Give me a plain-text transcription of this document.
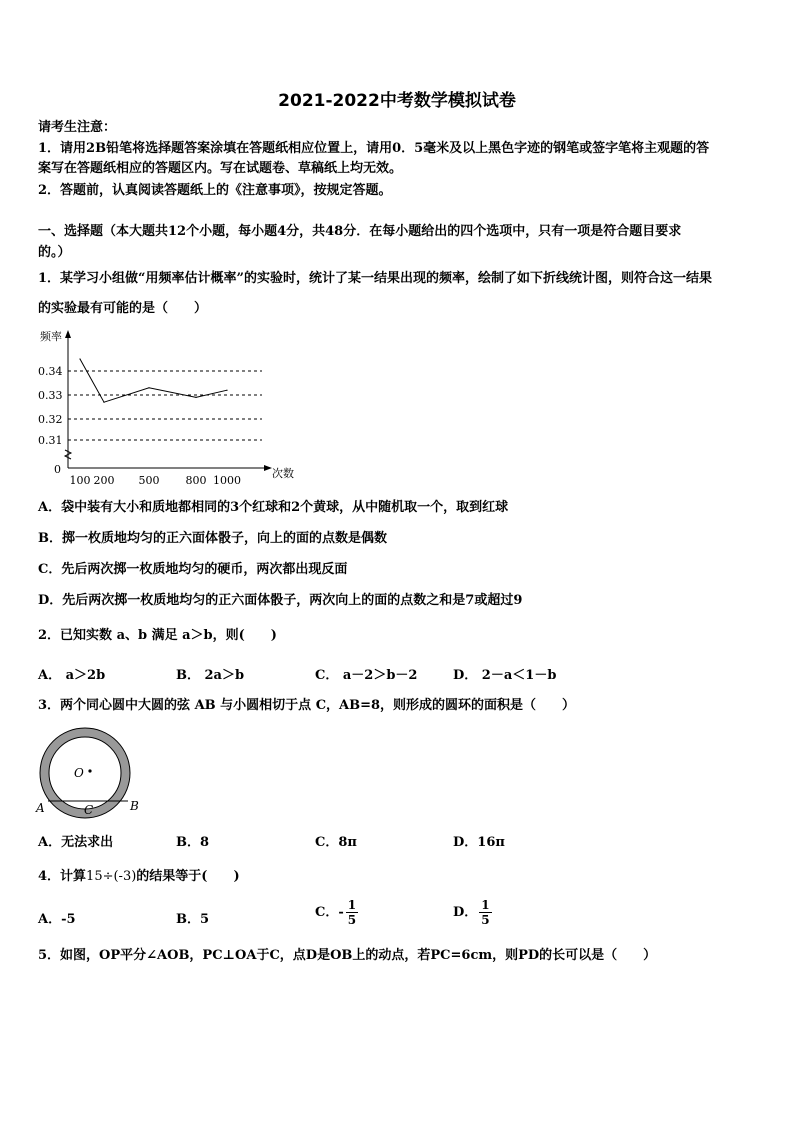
2021-2022中考数学模拟试卷
请考生注意：
1．请用2B铅笔将选择题答案涂填在答题纸相应位置上，请用0．5毫米及以上黑色字迹的钢笔或签字笔将主观题的答
案写在答题纸相应的答题区内。写在试题卷、草稿纸上均无效。
2．答题前，认真阅读答题纸上的《注意事项》，按规定答题。
一、选择题（本大题共12个小题，每小题4分，共48分．在每小题给出的四个选项中，只有一项是符合题目要求
的。）
1．某学习小组做“用频率估计概率”的实验时，统计了某一结果出现的频率，绘制了如下折线统计图，则符合这一结果
的实验最有可能的是（　　）
0.34
0.33
0.32
0.31
0
频率
100 200 500 800 1000
次数
A．袋中装有大小和质地都相同的3个红球和2个黄球，从中随机取一个，取到红球
B．掷一枚质地均匀的正六面体骰子，向上的面的点数是偶数
C．先后两次掷一枚质地均匀的硬币，两次都出现反面
D．先后两次掷一枚质地均匀的正六面体骰子，两次向上的面的点数之和是7或超过9
2．已知实数 a、b 满足 a＞b，则(　　)
A． a＞2b	B． 2a＞b	C． a－2＞b－2	D． 2－a＜1－b
3．两个同心圆中大圆的弦 AB 与小圆相切于点 C，AB=8，则形成的圆环的面积是（　　）
O
A	C	B
A．无法求出	B．8	C．8π	D．16π
4．计算15÷(-3)的结果等于(　　)
A．-5	B．5	C．- $\frac{1}{5}$	D． $\frac{1}{5}$
5．如图，OP平分∠AOB，PC⊥OA于C，点D是OB上的动点，若PC=6cm，则PD的长可以是（　　）
